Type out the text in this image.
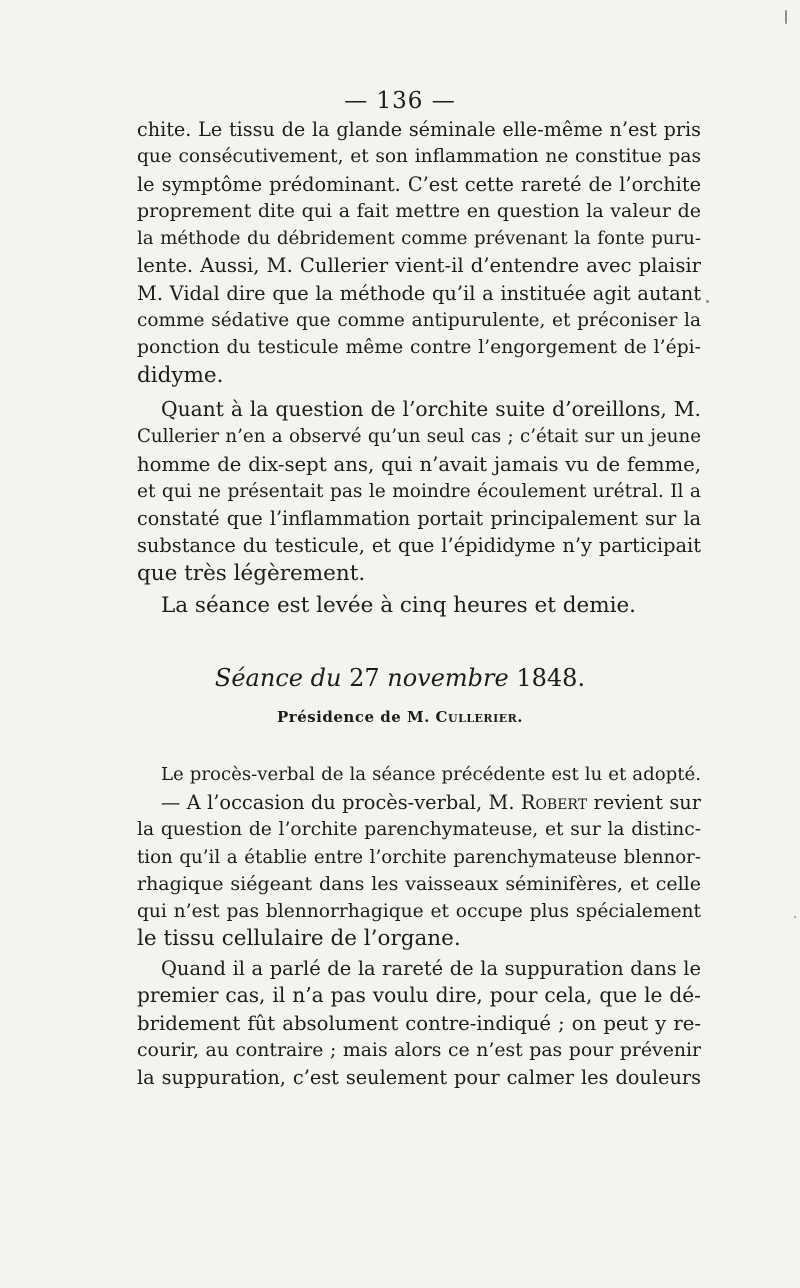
— 136 —
chite. Le tissu de la glande séminale elle-même n’est pris
que consécutivement, et son inflammation ne constitue pas
le symptôme prédominant. C’est cette rareté de l’orchite
proprement dite qui a fait mettre en question la valeur de
la méthode du débridement comme prévenant la fonte puru-
lente. Aussi, M. Cullerier vient-il d’entendre avec plaisir
M. Vidal dire que la méthode qu’il a instituée agit autant
comme sédative que comme antipurulente, et préconiser la
ponction du testicule même contre l’engorgement de l’épi-
didyme.
Quant à la question de l’orchite suite d’oreillons, M.
Cullerier n’en a observé qu’un seul cas ; c’était sur un jeune
homme de dix-sept ans, qui n’avait jamais vu de femme,
et qui ne présentait pas le moindre écoulement urétral. Il a
constaté que l’inflammation portait principalement sur la
substance du testicule, et que l’épididyme n’y participait
que très légèrement.
La séance est levée à cinq heures et demie.
Séance du 27 novembre 1848.
Présidence de M. Cullerier.
Le procès-verbal de la séance précédente est lu et adopté.
— A l’occasion du procès-verbal, M. Robert revient sur
la question de l’orchite parenchymateuse, et sur la distinc-
tion qu’il a établie entre l’orchite parenchymateuse blennor-
rhagique siégeant dans les vaisseaux séminifères, et celle
qui n’est pas blennorrhagique et occupe plus spécialement
le tissu cellulaire de l’organe.
Quand il a parlé de la rareté de la suppuration dans le
premier cas, il n’a pas voulu dire, pour cela, que le dé-
bridement fût absolument contre-indiqué ; on peut y re-
courir, au contraire ; mais alors ce n’est pas pour prévenir
la suppuration, c’est seulement pour calmer les douleurs
